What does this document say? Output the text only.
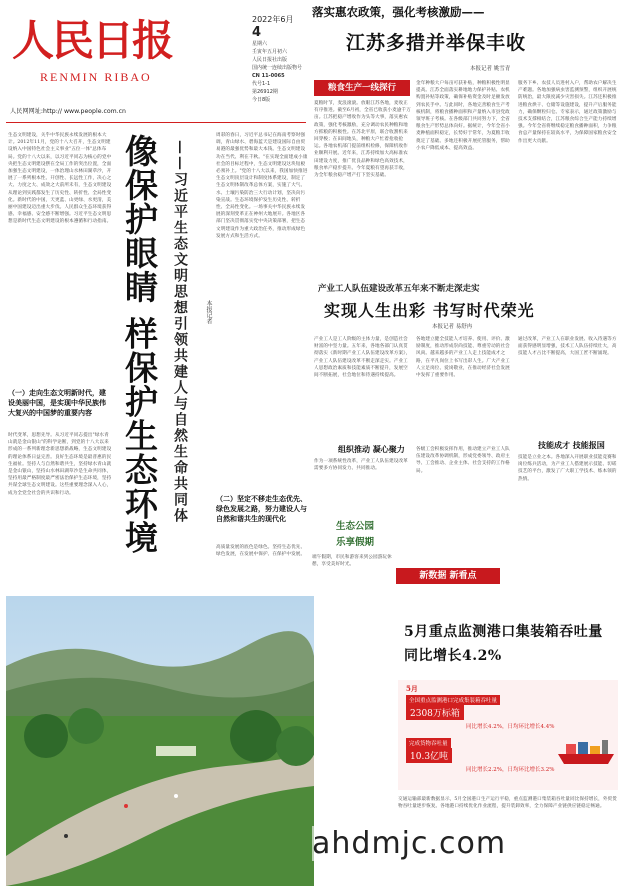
人民日报
RENMIN RIBAO
人民网网址:http:// www.people.com.cn
2022年6月
4
星期六
壬寅年五月初六
人民日报社出版
国内统一连续出版物号
CN 11-0065
代号1-1
第26912期
今日8版
落实惠农政策，强化考核激励——
江苏多措并举保丰收
本报记者 姚雪青
粮食生产一线探行
夏粮时节，麦浪滚滚。放眼江苏各地，麦收正有序推进。截至6月初，全省已收获小麦逾千万亩。江苏把稳产增收作为头等大事，落实惠农政策，强化考核激励，充分调动农民种粮和地方抓粮的积极性。在苏北平原，联合收割机来回穿梭；在田间地头，种粮大户忙着抢收抢运。各地农机部门提前组织检修，保障机收作业顺利开展。近年来，江苏持续加大高标准农田建设力度，推广优良品种和绿色高效技术，粮食单产稳步提升。今年夏粮有望再获丰收，为全年粮食稳产增产打下坚实基础。
金年种粮大户每亩可获补贴，种粮积极性明显提高。江苏全面落实耕地地力保护补贴、农机购置补贴等政策，确保补贴资金及时足额发放到农民手中。与此同时，各地完善粮食生产考核机制，将粮食播种面积和产量纳入市县党政领导班子考核。在各级部门共同努力下，全省粮食生产形势总体向好。据统计，今年全省小麦种植面积稳定，长势好于常年，为夏粮丰收奠定了基础。多地还积极开展托管服务，帮助小农户降低成本、提高效益。
服务下乡、农技人员进村入户，帮助农户解决生产难题。各地加强病虫害监测预警，组织开展统防统治，最大限度减少灾害损失。江苏还积极推进粮食烘干、仓储等设施建设，提升产后服务能力，确保颗粒归仓。专家表示，通过政策激励与技术支撑相结合，江苏粮食综合生产能力持续增强。今年全省将继续稳定粮食播种面积，力争粮食总产量保持在较高水平，为保障国家粮食安全作出更大贡献。
生态文明建设，关乎中华民族永续发展的根本大计。2012年11月，党的十八大召开，生态文明建设纳入中国特色社会主义事业"五位一体"总体布局。党的十八大以来，以习近平同志为核心的党中央把生态文明建设摆在全局工作的突出位置，全面加强生态文明建设，一体治理山水林田湖草沙，开展了一系列根本性、开创性、长远性工作，决心之大、力度之大、成效之大前所未有，生态文明建设从理论到实践都发生了历史性、转折性、全局性变化。新时代的中国，天更蓝、山更绿、水更清，美丽中国建设迈出重大步伐。人民群众生态环境获得感、幸福感、安全感不断增强。习近平生态文明思想是新时代生态文明建设的根本遵循和行动指南。
（一）走向生态文明新时代，建设美丽中国，是实现中华民族伟大复兴的中国梦的重要内容
时代变革，思想先导。从习近平同志提出"绿水青山就是金山银山"的科学论断，到党的十八大以来形成的一系列新理念新思想新战略，生态文明建设的理论体系日益完善。良好生态环境是最普惠的民生福祉。坚持人与自然和谐共生，坚持绿水青山就是金山银山，坚持山水林田湖草沙是生命共同体，坚持用最严格制度最严密法治保护生态环境，坚持共谋全球生态文明建设。这些重要理念深入人心，成为全党全社会的共识和行动。	像保护眼睛 样保护生态环境 ——习近平生态文明思想引领共建人与自然生命共同体	本报记者
周彩的春日，习近平总书记在海南考察时强调，青山绿水、碧海蓝天是建设国际自由贸易港的最强优势和最大本钱。生态文明建设功在当代、利在千秋。"在实现全面建成小康社会的目标过程中，生态文明建设这块短板必须补上。"党的十八大以来，我国加快推进生态文明顶层设计和制度体系建设，制定了生态文明体制改革总体方案，实施了大气、水、土壤污染防治三大行动计划，坚决向污染宣战。生态环境保护发生历史性、转折性、全局性变化。一场事关中华民族永续发展的深刻变革正在神州大地展开。各地区各部门坚决贯彻落实党中央决策部署，把生态文明建设作为重大政治任务，推动形成绿色发展方式和生活方式。
（二）坚定不移走生态优先、绿色发展之路，努力建设人与自然和谐共生的现代化
高质量发展的底色是绿色。坚持生态优先、绿色发展，在发展中保护、在保护中发展。
产业工人队伍建设改革五年来不断走深走实
实现人生出彩 书写时代荣光
本报记者 易舒冉
产业工人是工人阶级的主体力量，是创造社会财富的中坚力量。五年来，各地各部门认真贯彻落实《新时期产业工人队伍建设改革方案》，产业工人队伍建设改革不断走深走实。产业工人思想政治素质和技能素质不断提升，发展空间不断拓展，社会地位和待遇持续提高。
各地建立健全技能人才培养、使用、评价、激励制度，推动形成崇尚技能、尊重劳动的社会风尚。越来越多的产业工人走上技能成才之路，在平凡岗位上书写出彩人生。广大产业工人立足岗位、爱岗敬业，在推动经济社会发展中发挥了重要作用。
通过改革，产业工人在职业发展、收入待遇等方面获得感明显增强，技术工人队伍持续壮大，高技能人才占比不断提高，大国工匠不断涌现。
组织推动 凝心聚力	技能成才 技能报国
作为一项系统性改革，产业工人队伍建设改革需要多方协同发力、共同推动。
各级工会积极发挥作用，推动建立产业工人队伍建设改革协调机制，形成党委领导、政府主导、工会推动、企业主体、社会支持的工作格局。
技能是立业之本。各地深入开展职业技能竞赛和岗位练兵活动，为产业工人搭建展示技能、切磋技艺的平台，激发了广大职工学技术、练本领的热情。
生态公园
乐享假期
端午假期，市民和游客来到公园游玩休憩，享受美好时光。
新数据 新看点
5月重点监测港口集装箱吞吐量同比增长4.2%
5月
全国重点监测港口完成集装箱吞吐量
2308万标箱
同比增长4.2%，日均环比增长4.4%
完成货物吞吐量
10.3亿吨
同比增长2.2%，日均环比增长3.2%
交通运输部最新数据显示，5月全国港口生产运行平稳，重点监测港口集装箱吞吐量同比保持增长，外贸货物吞吐量逐步恢复。各地港口持续优化作业流程，提升装卸效率，全力保障产业链供应链稳定畅通。
ahdmjc.com
